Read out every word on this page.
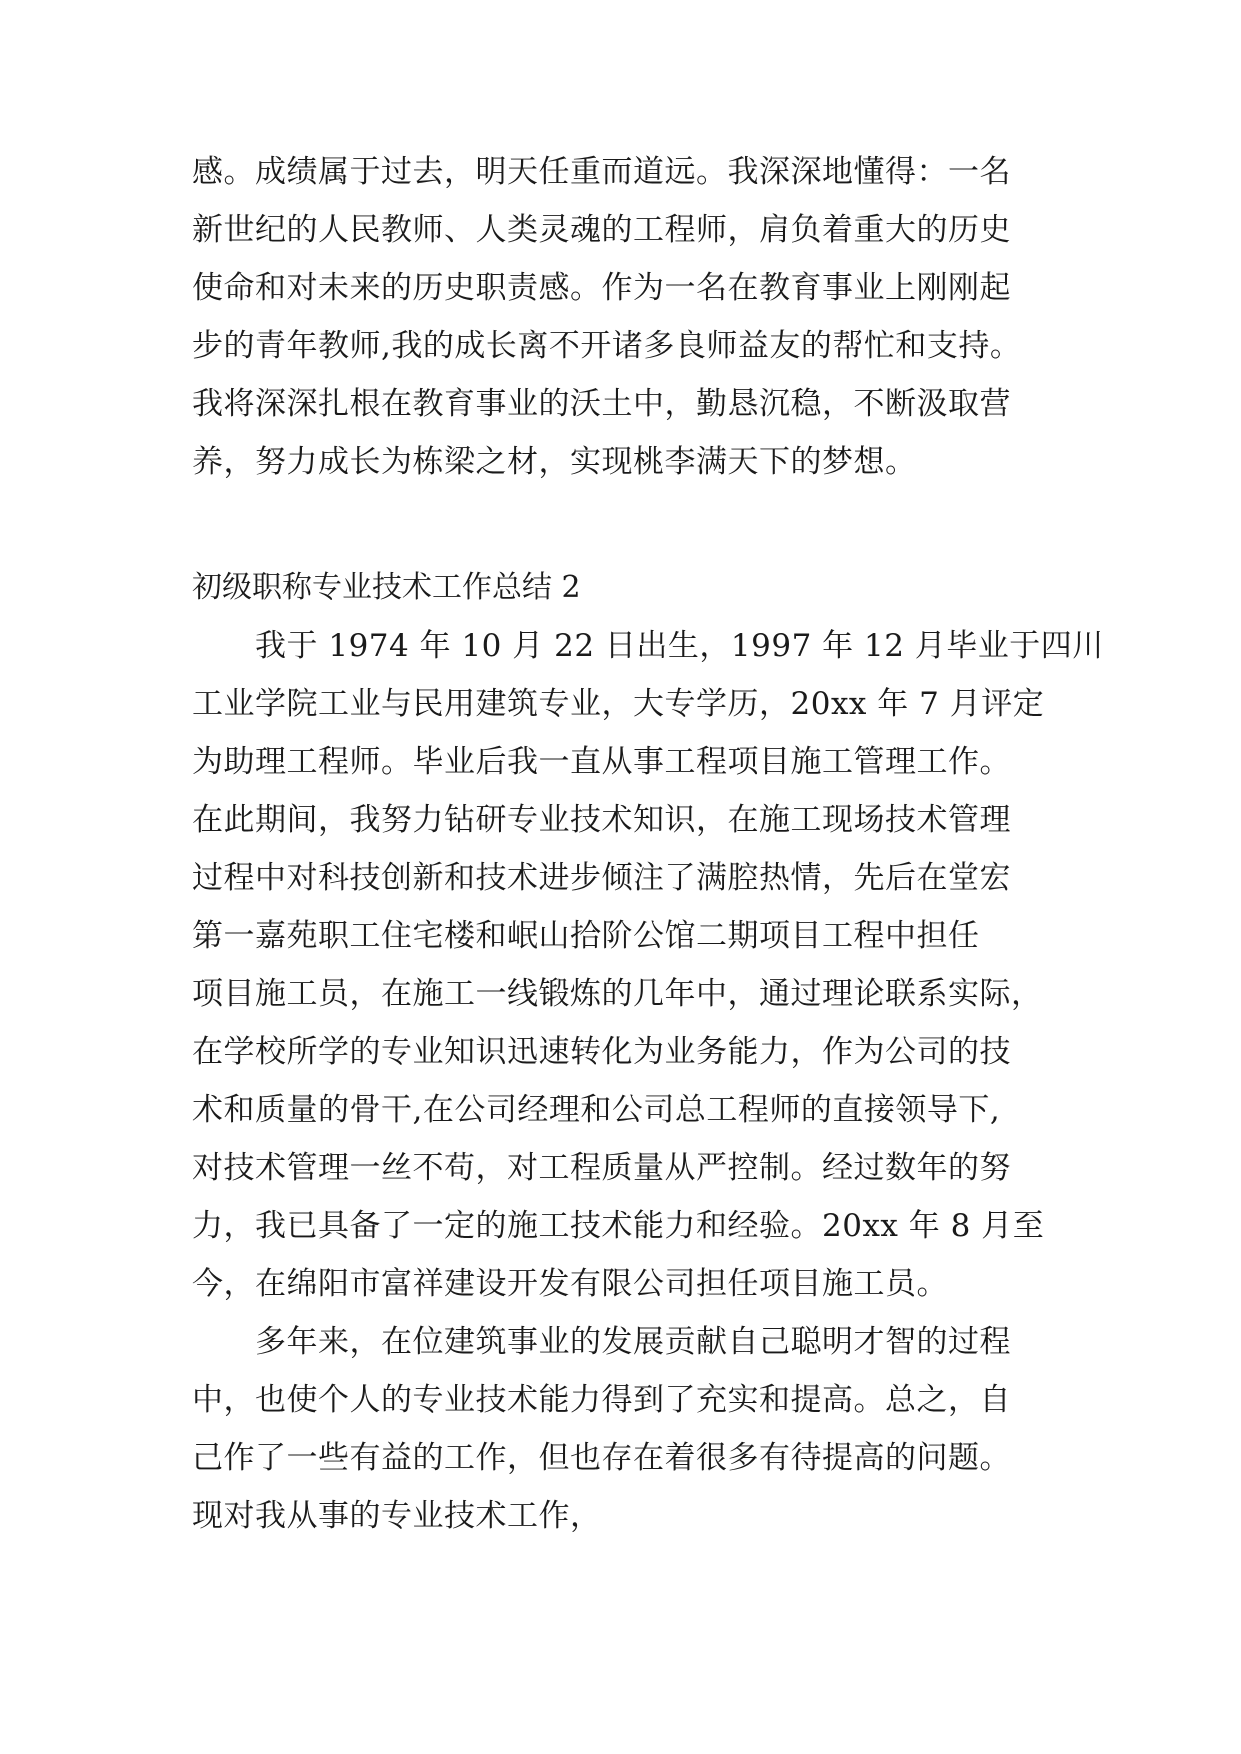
感。成绩属于过去，明天任重而道远。我深深地懂得：一名

新世纪的人民教师、人类灵魂的工程师，肩负着重大的历史

使命和对未来的历史职责感。作为一名在教育事业上刚刚起

步的青年教师,我的成长离不开诸多良师益友的帮忙和支持。

我将深深扎根在教育事业的沃土中，勤恳沉稳，不断汲取营

养，努力成长为栋梁之材，实现桃李满天下的梦想。

初级职称专业技术工作总结 2

　　我于 1974 年 10 月 22 日出生，1997 年 12 月毕业于四川

工业学院工业与民用建筑专业，大专学历，20xx 年 7 月评定

为助理工程师。毕业后我一直从事工程项目施工管理工作。

在此期间，我努力钻研专业技术知识，在施工现场技术管理

过程中对科技创新和技术进步倾注了满腔热情，先后在堂宏

第一嘉苑职工住宅楼和岷山拾阶公馆二期项目工程中担任

项目施工员，在施工一线锻炼的几年中，通过理论联系实际，

在学校所学的专业知识迅速转化为业务能力，作为公司的技

术和质量的骨干,在公司经理和公司总工程师的直接领导下,

对技术管理一丝不苟，对工程质量从严控制。经过数年的努

力，我已具备了一定的施工技术能力和经验。20xx 年 8 月至

今，在绵阳市富祥建设开发有限公司担任项目施工员。

　　多年来，在位建筑事业的发展贡献自己聪明才智的过程

中，也使个人的专业技术能力得到了充实和提高。总之，自

己作了一些有益的工作，但也存在着很多有待提高的问题。

现对我从事的专业技术工作，
